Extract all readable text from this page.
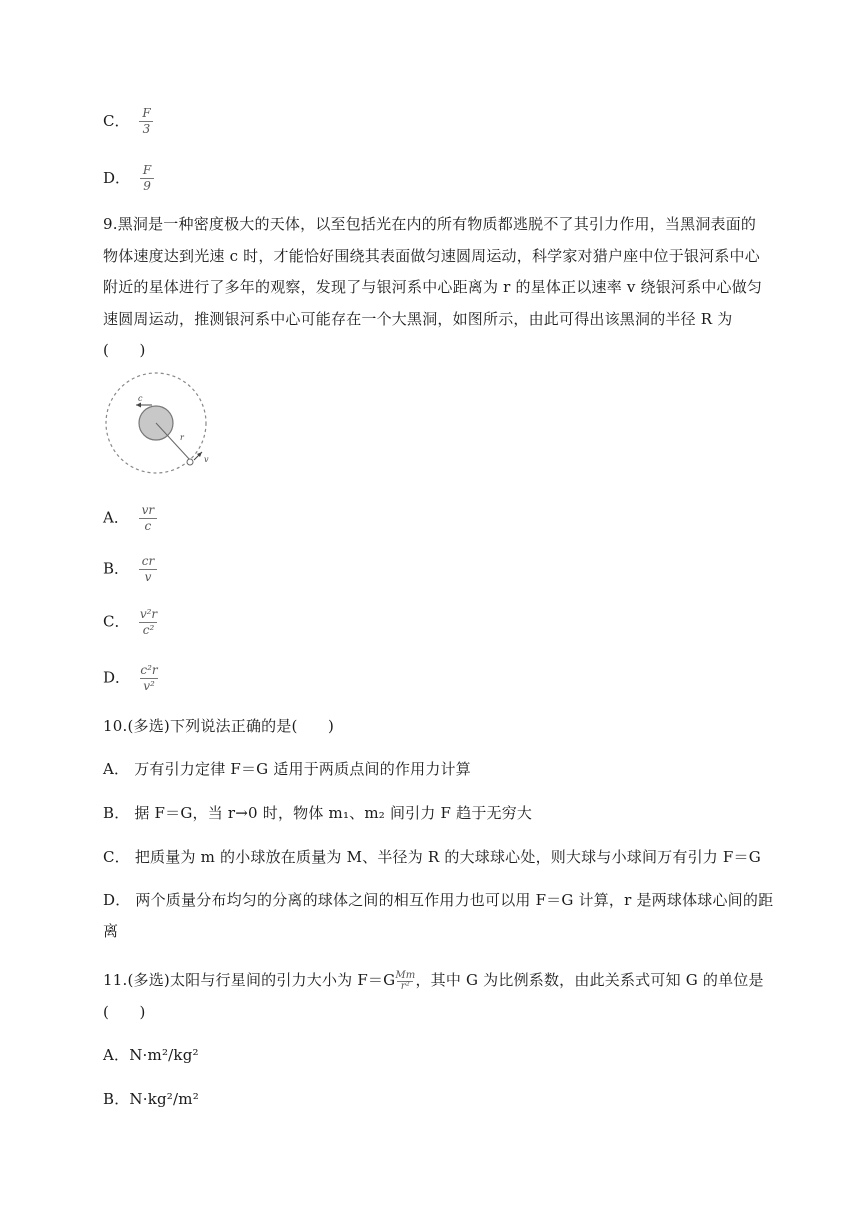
C． $\frac{F}{3}$
D． $\frac{F}{9}$
9.黑洞是一种密度极大的天体，以至包括光在内的所有物质都逃脱不了其引力作用，当黑洞表面的
物体速度达到光速 c 时，才能恰好围绕其表面做匀速圆周运动，科学家对猎户座中位于银河系中心
附近的星体进行了多年的观察，发现了与银河系中心距离为 r 的星体正以速率 v 绕银河系中心做匀
速圆周运动，推测银河系中心可能存在一个大黑洞，如图所示，由此可得出该黑洞的半径 R 为
(　　)
c
r
v
A． $\frac{vr}{c}$
B． $\frac{cr}{v}$
C． $\frac{\text{v²r}}{\text{c²}}$
D． $\frac{\text{c²r}}{\text{v²}}$
10.(多选)下列说法正确的是(　　)
A． 万有引力定律 F＝G 适用于两质点间的作用力计算
B． 据 F＝G，当 r→0 时，物体 m₁、m₂ 间引力 F 趋于无穷大
C． 把质量为 m 的小球放在质量为 M、半径为 R 的大球球心处，则大球与小球间万有引力 F＝G
D． 两个质量分布均匀的分离的球体之间的相互作用力也可以用 F＝G 计算，r 是两球体球心间的距
离
11.(多选)太阳与行星间的引力大小为 $F=G \frac{Mm}{\text{r²}}$ ，其中 G 为比例系数，由此关系式可知 G 的单位是
(　　)
A．N·m²/kg²
B．N·kg²/m²
